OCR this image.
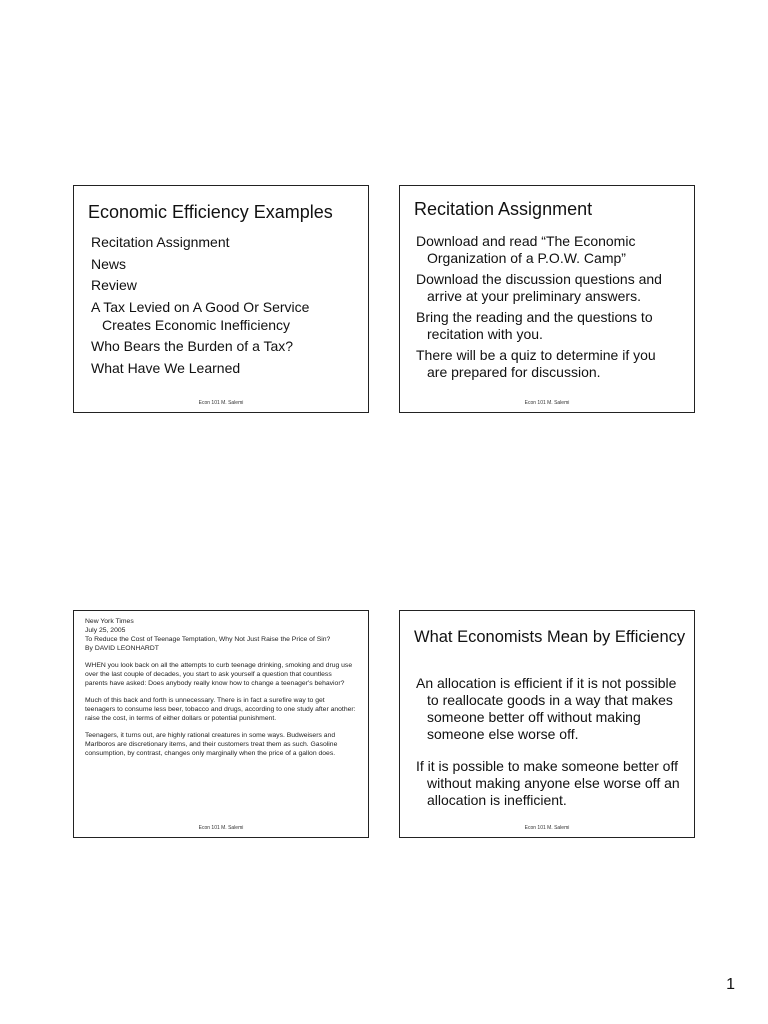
Economic Efficiency Examples
Recitation Assignment
News
Review
A Tax Levied on A Good Or Service
Creates Economic Inefficiency
Who Bears the Burden of a Tax?
What Have We Learned
Econ 101 M. Salemi
Recitation Assignment
Download and read “The Economic
Organization of a P.O.W. Camp”
Download the discussion questions and
arrive at your preliminary answers.
Bring the reading and the questions to
recitation with you.
There will be a quiz to determine if you
are prepared for discussion.
Econ 101 M. Salemi
New York Times
July 25, 2005
To Reduce the Cost of Teenage Temptation, Why Not Just Raise the Price of Sin?
By DAVID LEONHARDT

WHEN you look back on all the attempts to curb teenage drinking, smoking and drug use over the last couple of decades, you start to ask yourself a question that countless parents have asked: Does anybody really know how to change a teenager's behavior?

Much of this back and forth is unnecessary. There is in fact a surefire way to get teenagers to consume less beer, tobacco and drugs, according to one study after another: raise the cost, in terms of either dollars or potential punishment.

Teenagers, it turns out, are highly rational creatures in some ways. Budweisers and Marlboros are discretionary items, and their customers treat them as such. Gasoline consumption, by contrast, changes only marginally when the price of a gallon does.

Econ 101 M. Salemi
What Economists Mean by Efficiency
An allocation is efficient if it is not possible
to reallocate goods in a way that makes
someone better off without making
someone else worse off.
If it is possible to make someone better off
without making anyone else worse off an
allocation is inefficient.
Econ 101 M. Salemi
1
